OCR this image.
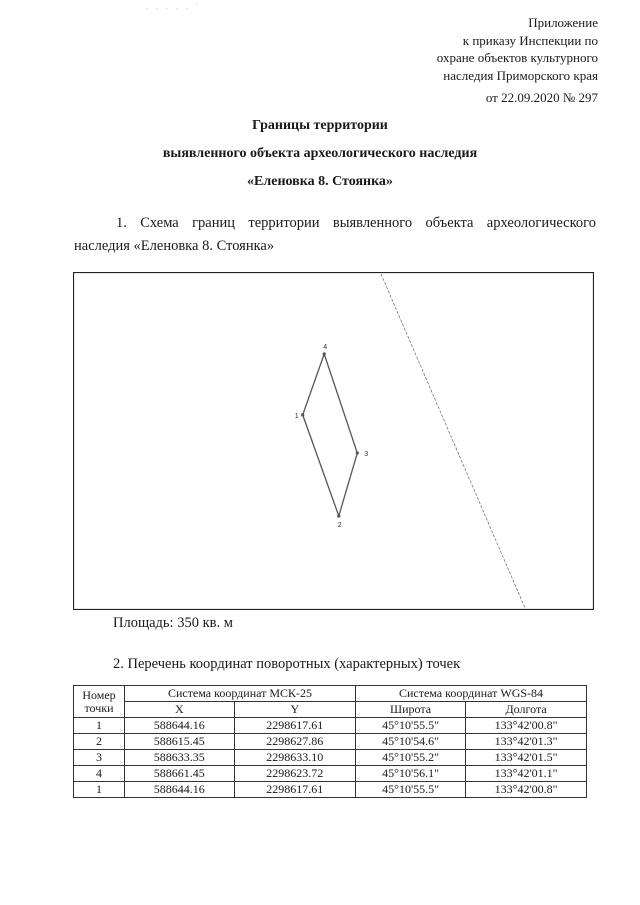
. . . , . '
Приложение
к приказу Инспекции по
охране объектов культурного
наследия Приморского края
от 22.09.2020 № 297
Границы территории
выявленного объекта археологического наследия
«Еленовка 8. Стоянка»
1. Схема границ территории выявленного объекта археологического наследия «Еленовка 8. Стоянка»
1
2
3
4
Площадь: 350 кв. м
2. Перечень координат поворотных (характерных) точек
Номер
точки	Система координат МСК-25		Система координат WGS-84	
	X	Y	Широта	Долгота
1	588644.16	2298617.61	45°10'55.5"	133°42'00.8"
2	588615.45	2298627.86	45°10'54.6"	133°42'01.3"
3	588633.35	2298633.10	45°10'55.2"	133°42'01.5"
4	588661.45	2298623.72	45°10'56.1"	133°42'01.1"
1	588644.16	2298617.61	45°10'55.5"	133°42'00.8"
